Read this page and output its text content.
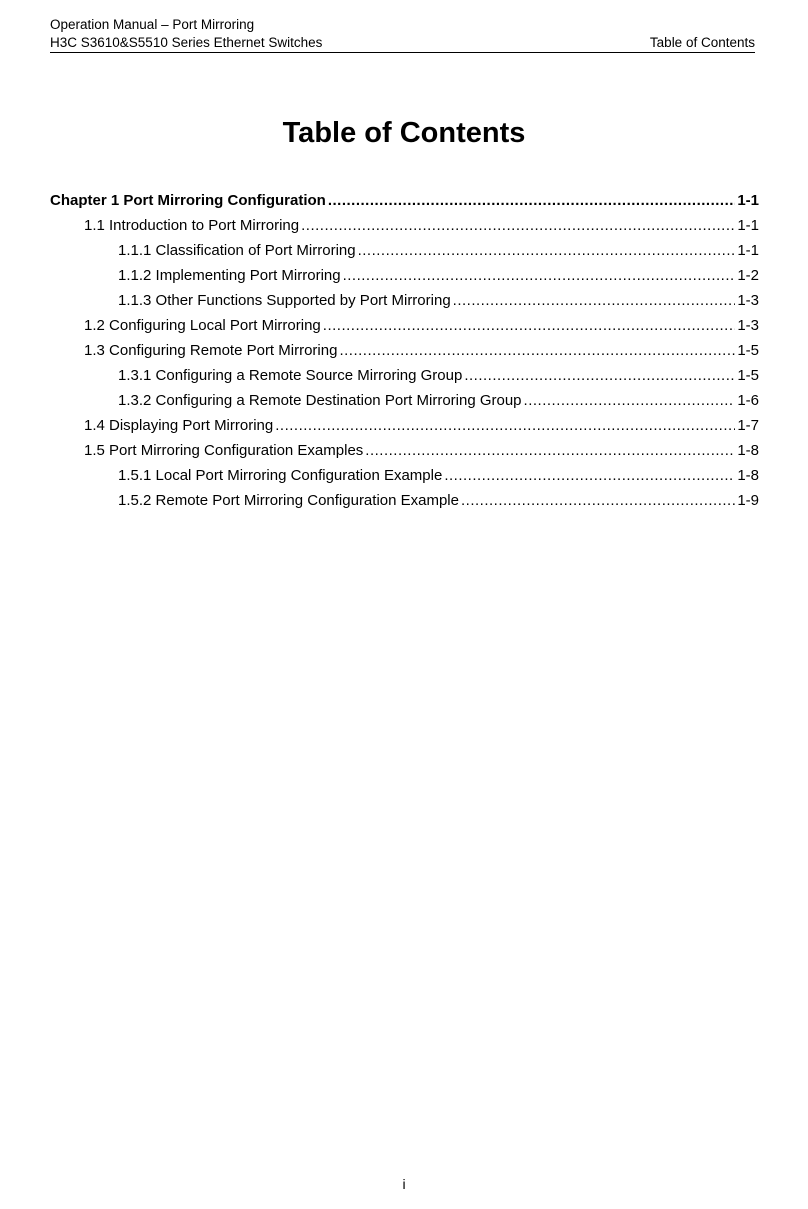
Operation Manual – Port Mirroring
H3C S3610&S5510 Series Ethernet Switches	Table of Contents
Table of Contents
Chapter 1 Port Mirroring Configuration .....	1-1
1.1 Introduction to Port Mirroring .....	1-1
1.1.1 Classification of Port Mirroring .....	1-1
1.1.2 Implementing Port Mirroring .....	1-2
1.1.3 Other Functions Supported by Port Mirroring .....	1-3
1.2 Configuring Local Port Mirroring .....	1-3
1.3 Configuring Remote Port Mirroring .....	1-5
1.3.1 Configuring a Remote Source Mirroring Group .....	1-5
1.3.2 Configuring a Remote Destination Port Mirroring Group .....	1-6
1.4 Displaying Port Mirroring .....	1-7
1.5 Port Mirroring Configuration Examples .....	1-8
1.5.1 Local Port Mirroring Configuration Example .....	1-8
1.5.2 Remote Port Mirroring Configuration Example .....	1-9
i
